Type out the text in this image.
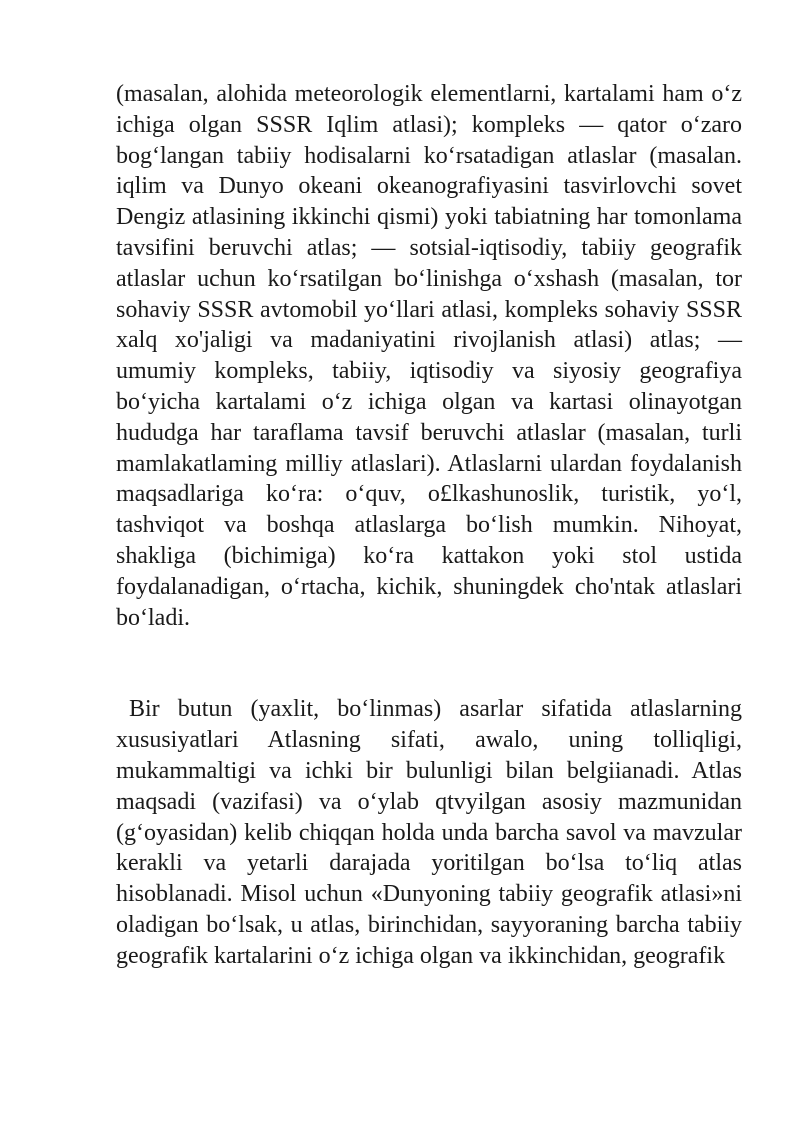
(masalan, alohida meteorologik elementlarni, kartalami ham o‘z ichiga olgan SSSR Iqlim atlasi); kompleks — qator o‘zaro bog‘langan tabiiy hodisalarni ko‘rsatadigan atlaslar (masalan. iqlim va Dunyo okeani okeanografiyasini tasvirlovchi sovet Dengiz atlasining ikkinchi qismi) yoki tabiatning har tomonlama tavsifini beruvchi atlas; — sotsial-iqtisodiy, tabiiy geografik atlaslar uchun ko‘rsatilgan bo‘linishga o‘xshash (masalan, tor sohaviy SSSR avtomobil yo‘llari atlasi, kompleks sohaviy SSSR xalq xo'jaligi va madaniyatini rivojlanish atlasi) atlas; — umumiy kompleks, tabiiy, iqtisodiy va siyosiy geografiya bo‘yicha kartalami o‘z ichiga olgan va kartasi olinayotgan hududga har taraflama tavsif beruvchi atlaslar (masalan, turli mamlakatlaming milliy atlaslari). Atlaslarni ulardan foydalanish maqsadlariga ko‘ra: o‘quv, o£lkashunoslik, turistik, yo‘l, tashviqot va boshqa atlaslarga bo‘lish mumkin. Nihoyat, shakliga (bichimiga) ko‘ra kattakon yoki stol ustida foydalanadigan, o‘rtacha, kichik, shuningdek cho'ntak atlaslari bo‘ladi.

Bir butun (yaxlit, bo‘linmas) asarlar sifatida atlaslarning xususiyatlari Atlasning sifati, awalo, uning tolliqligi, mukammaltigi va ichki bir bulunligi bilan belgiianadi. Atlas maqsadi (vazifasi) va o‘ylab qtvyilgan asosiy mazmunidan (g‘oyasidan) kelib chiqqan holda unda barcha savol va mavzular kerakli va yetarli darajada yoritilgan bo‘lsa to‘liq atlas hisoblanadi. Misol uchun «Dunyoning tabiiy geografik atlasi»ni oladigan bo‘lsak, u atlas, birinchidan, sayyoraning barcha tabiiy geografik kartalarini o‘z ichiga olgan va ikkinchidan, geografik
